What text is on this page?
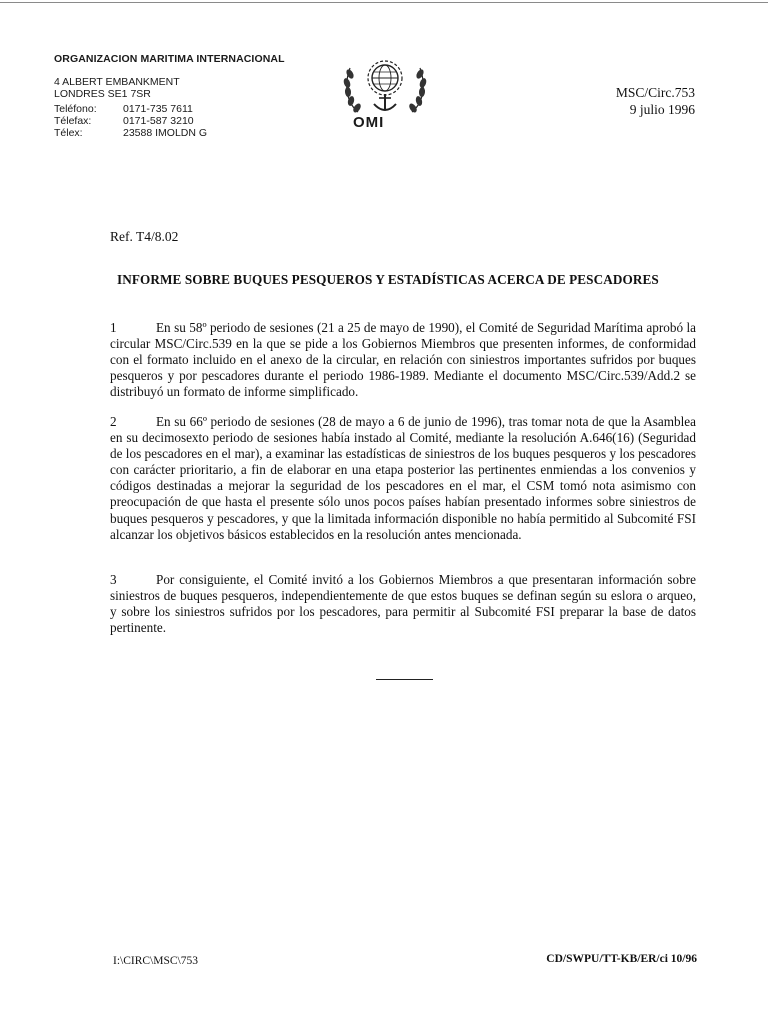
ORGANIZACION MARITIMA INTERNACIONAL
4 ALBERT EMBANKMENT
LONDRES SE1 7SR
Teléfono:	0171-735 7611
Télefax:	0171-587 3210
Télex:	23588 IMOLDN G
OMI
MSC/Circ.753
9 julio 1996
Ref. T4/8.02
INFORME SOBRE BUQUES PESQUEROS Y ESTADÍSTICAS ACERCA DE PESCADORES
1	En su 58º periodo de sesiones (21 a 25 de mayo de 1990), el Comité de Seguridad Marítima aprobó la circular MSC/Circ.539 en la que se pide a los Gobiernos Miembros que presenten informes, de conformidad con el formato incluido en el anexo de la circular, en relación con siniestros importantes sufridos por buques pesqueros y por pescadores durante el periodo 1986-1989. Mediante el documento MSC/Circ.539/Add.2 se distribuyó un formato de informe simplificado.
2	En su 66º periodo de sesiones (28 de mayo a 6 de junio de 1996), tras tomar nota de que la Asamblea en su decimosexto periodo de sesiones había instado al Comité, mediante la resolución A.646(16) (Seguridad de los pescadores en el mar), a examinar las estadísticas de siniestros de los buques pesqueros y los pescadores con carácter prioritario, a fin de elaborar en una etapa posterior las pertinentes enmiendas a los convenios y códigos destinadas a mejorar la seguridad de los pescadores en el mar, el CSM tomó nota asimismo con preocupación de que hasta el presente sólo unos pocos países habían presentado informes sobre siniestros de buques pesqueros y pescadores, y que la limitada información disponible no había permitido al Subcomité FSI alcanzar los objetivos básicos establecidos en la resolución antes mencionada.
3	Por consiguiente, el Comité invitó a los Gobiernos Miembros a que presentaran información sobre siniestros de buques pesqueros, independientemente de que estos buques se definan según su eslora o arqueo, y sobre los siniestros sufridos por los pescadores, para permitir al Subcomité FSI preparar la base de datos pertinente.
I:\CIRC\MSC\753	CD/SWPU/TT-KB/ER/ci 10/96
